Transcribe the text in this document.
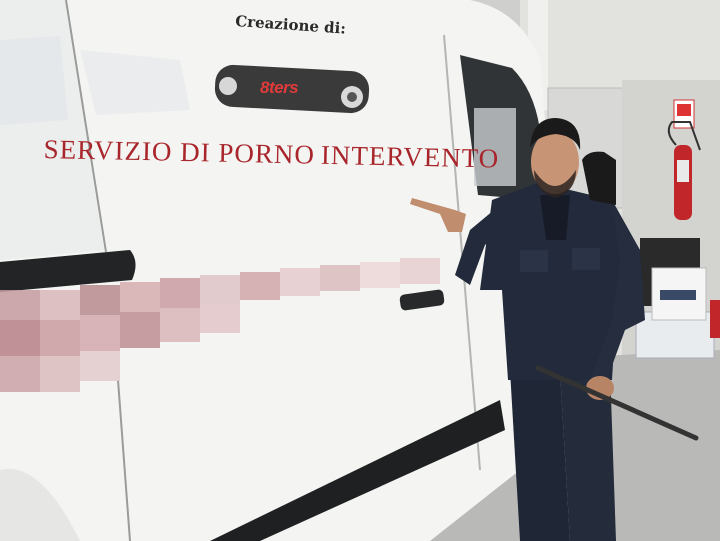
Creazione di:
8ters
SERVIZIO DI PORNO INTERVENTO
